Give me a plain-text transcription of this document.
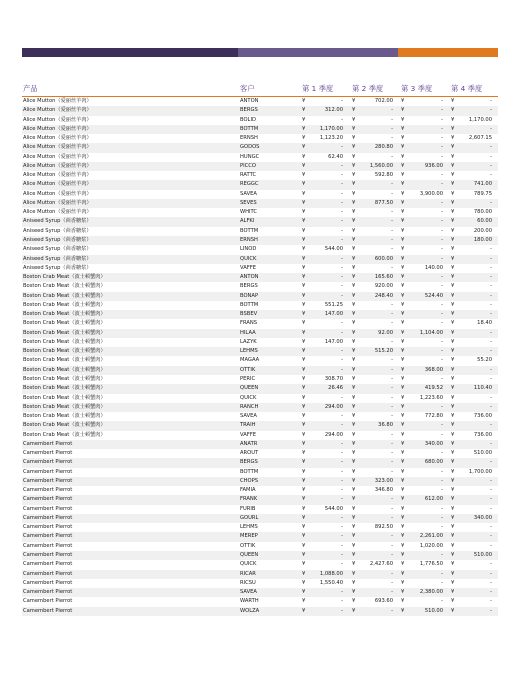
产品	客户	第 1 季度	第 2 季度 第 3 季度	第 4 季度
Alice Mutton（爱丽丝羊肉）	ANTON	¥	- ¥	702.00 ¥	- ¥	-
Alice Mutton（爱丽丝羊肉）	BERGS	¥	312.00 ¥	- ¥	- ¥	-
Alice Mutton（爱丽丝羊肉）	BOLID	¥	- ¥	- ¥	- ¥	1,170.00
Alice Mutton（爱丽丝羊肉）	BOTTM	¥	1,170.00 ¥	- ¥	- ¥	-
Alice Mutton（爱丽丝羊肉）	ERNSH	¥	1,123.20 ¥	- ¥	- ¥	2,607.15
Alice Mutton（爱丽丝羊肉）	GODOS	¥	- ¥	280.80 ¥	- ¥	-
Alice Mutton（爱丽丝羊肉）	HUNGC	¥	62.40 ¥	- ¥	- ¥	-
Alice Mutton（爱丽丝羊肉）	PICCO	¥	- ¥	1,560.00 ¥	936.00 ¥	-
Alice Mutton（爱丽丝羊肉）	RATTC	¥	- ¥	592.80 ¥	- ¥	-
Alice Mutton（爱丽丝羊肉）	REGGC	¥	- ¥	- ¥	- ¥	741.00
Alice Mutton（爱丽丝羊肉）	SAVEA	¥	- ¥	- ¥	3,900.00 ¥	789.75
Alice Mutton（爱丽丝羊肉）	SEVES	¥	- ¥	877.50 ¥	- ¥	-
Alice Mutton（爱丽丝羊肉）	WHITC	¥	- ¥	- ¥	- ¥	780.00
Aniseed Syrup（茴香糖浆）	ALFKI	¥	- ¥	- ¥	- ¥	60.00
Aniseed Syrup（茴香糖浆）	BOTTM	¥	- ¥	- ¥	- ¥	200.00
Aniseed Syrup（茴香糖浆）	ERNSH	¥	- ¥	- ¥	- ¥	180.00
Aniseed Syrup（茴香糖浆）	LINOD	¥	544.00 ¥	- ¥	- ¥	-
Aniseed Syrup（茴香糖浆）	QUICK	¥	- ¥	600.00 ¥	- ¥	-
Aniseed Syrup（茴香糖浆）	VAFFE	¥	- ¥	- ¥	140.00 ¥	-
Boston Crab Meat（波士顿蟹肉）	ANTON	¥	- ¥	165.60 ¥	- ¥	-
Boston Crab Meat（波士顿蟹肉）	BERGS	¥	- ¥	920.00 ¥	- ¥	-
Boston Crab Meat（波士顿蟹肉）	BONAP	¥	- ¥	248.40 ¥	524.40 ¥	-
Boston Crab Meat（波士顿蟹肉）	BOTTM	¥	551.25 ¥	- ¥	- ¥	-
Boston Crab Meat（波士顿蟹肉）	BSBEV	¥	147.00 ¥	- ¥	- ¥	-
Boston Crab Meat（波士顿蟹肉）	FRANS	¥	- ¥	- ¥	- ¥	18.40
Boston Crab Meat（波士顿蟹肉）	HILAA	¥	- ¥	92.00 ¥	1,104.00 ¥	-
Boston Crab Meat（波士顿蟹肉）	LAZYK	¥	147.00 ¥	- ¥	- ¥	-
Boston Crab Meat（波士顿蟹肉）	LEHMS	¥	- ¥	515.20 ¥	- ¥	-
Boston Crab Meat（波士顿蟹肉）	MAGAA	¥	- ¥	- ¥	- ¥	55.20
Boston Crab Meat（波士顿蟹肉）	OTTIK	¥	- ¥	- ¥	368.00 ¥	-
Boston Crab Meat（波士顿蟹肉）	PERIC	¥	308.70 ¥	- ¥	- ¥	-
Boston Crab Meat（波士顿蟹肉）	QUEEN	¥	26.46 ¥	- ¥	419.52 ¥	110.40
Boston Crab Meat（波士顿蟹肉）	QUICK	¥	- ¥	- ¥	1,223.60 ¥	-
Boston Crab Meat（波士顿蟹肉）	RANCH	¥	294.00 ¥	- ¥	- ¥	-
Boston Crab Meat（波士顿蟹肉）	SAVEA	¥	- ¥	- ¥	772.80 ¥	736.00
Boston Crab Meat（波士顿蟹肉）	TRAIH	¥	- ¥	36.80 ¥	- ¥	-
Boston Crab Meat（波士顿蟹肉）	VAFFE	¥	294.00 ¥	- ¥	- ¥	736.00
Camembert Pierrot	ANATR	¥	- ¥	- ¥	340.00 ¥	-
Camembert Pierrot	AROUT	¥	- ¥	- ¥	- ¥	510.00
Camembert Pierrot	BERGS	¥	- ¥	- ¥	680.00 ¥	-
Camembert Pierrot	BOTTM	¥	- ¥	- ¥	- ¥	1,700.00
Camembert Pierrot	CHOPS	¥	- ¥	323.00 ¥	- ¥	-
Camembert Pierrot	FAMIA	¥	- ¥	346.80 ¥	- ¥	-
Camembert Pierrot	FRANK	¥	- ¥	- ¥	612.00 ¥	-
Camembert Pierrot	FURIB	¥	544.00 ¥	- ¥	- ¥	-
Camembert Pierrot	GOURL	¥	- ¥	- ¥	- ¥	340.00
Camembert Pierrot	LEHMS	¥	- ¥	892.50 ¥	- ¥	-
Camembert Pierrot	MEREP	¥	- ¥	- ¥	2,261.00 ¥	-
Camembert Pierrot	OTTIK	¥	- ¥	- ¥	1,020.00 ¥	-
Camembert Pierrot	QUEEN	¥	- ¥	- ¥	- ¥	510.00
Camembert Pierrot	QUICK	¥	- ¥	2,427.60 ¥	1,776.50 ¥	-
Camembert Pierrot	RICAR	¥	1,088.00 ¥	- ¥	- ¥	-
Camembert Pierrot	RICSU	¥	1,550.40 ¥	- ¥	- ¥	-
Camembert Pierrot	SAVEA	¥	- ¥	- ¥	2,380.00 ¥	-
Camembert Pierrot	WARTH	¥	- ¥	693.60 ¥	- ¥	-
Camembert Pierrot	WOLZA	¥	- ¥	- ¥	510.00 ¥	-
